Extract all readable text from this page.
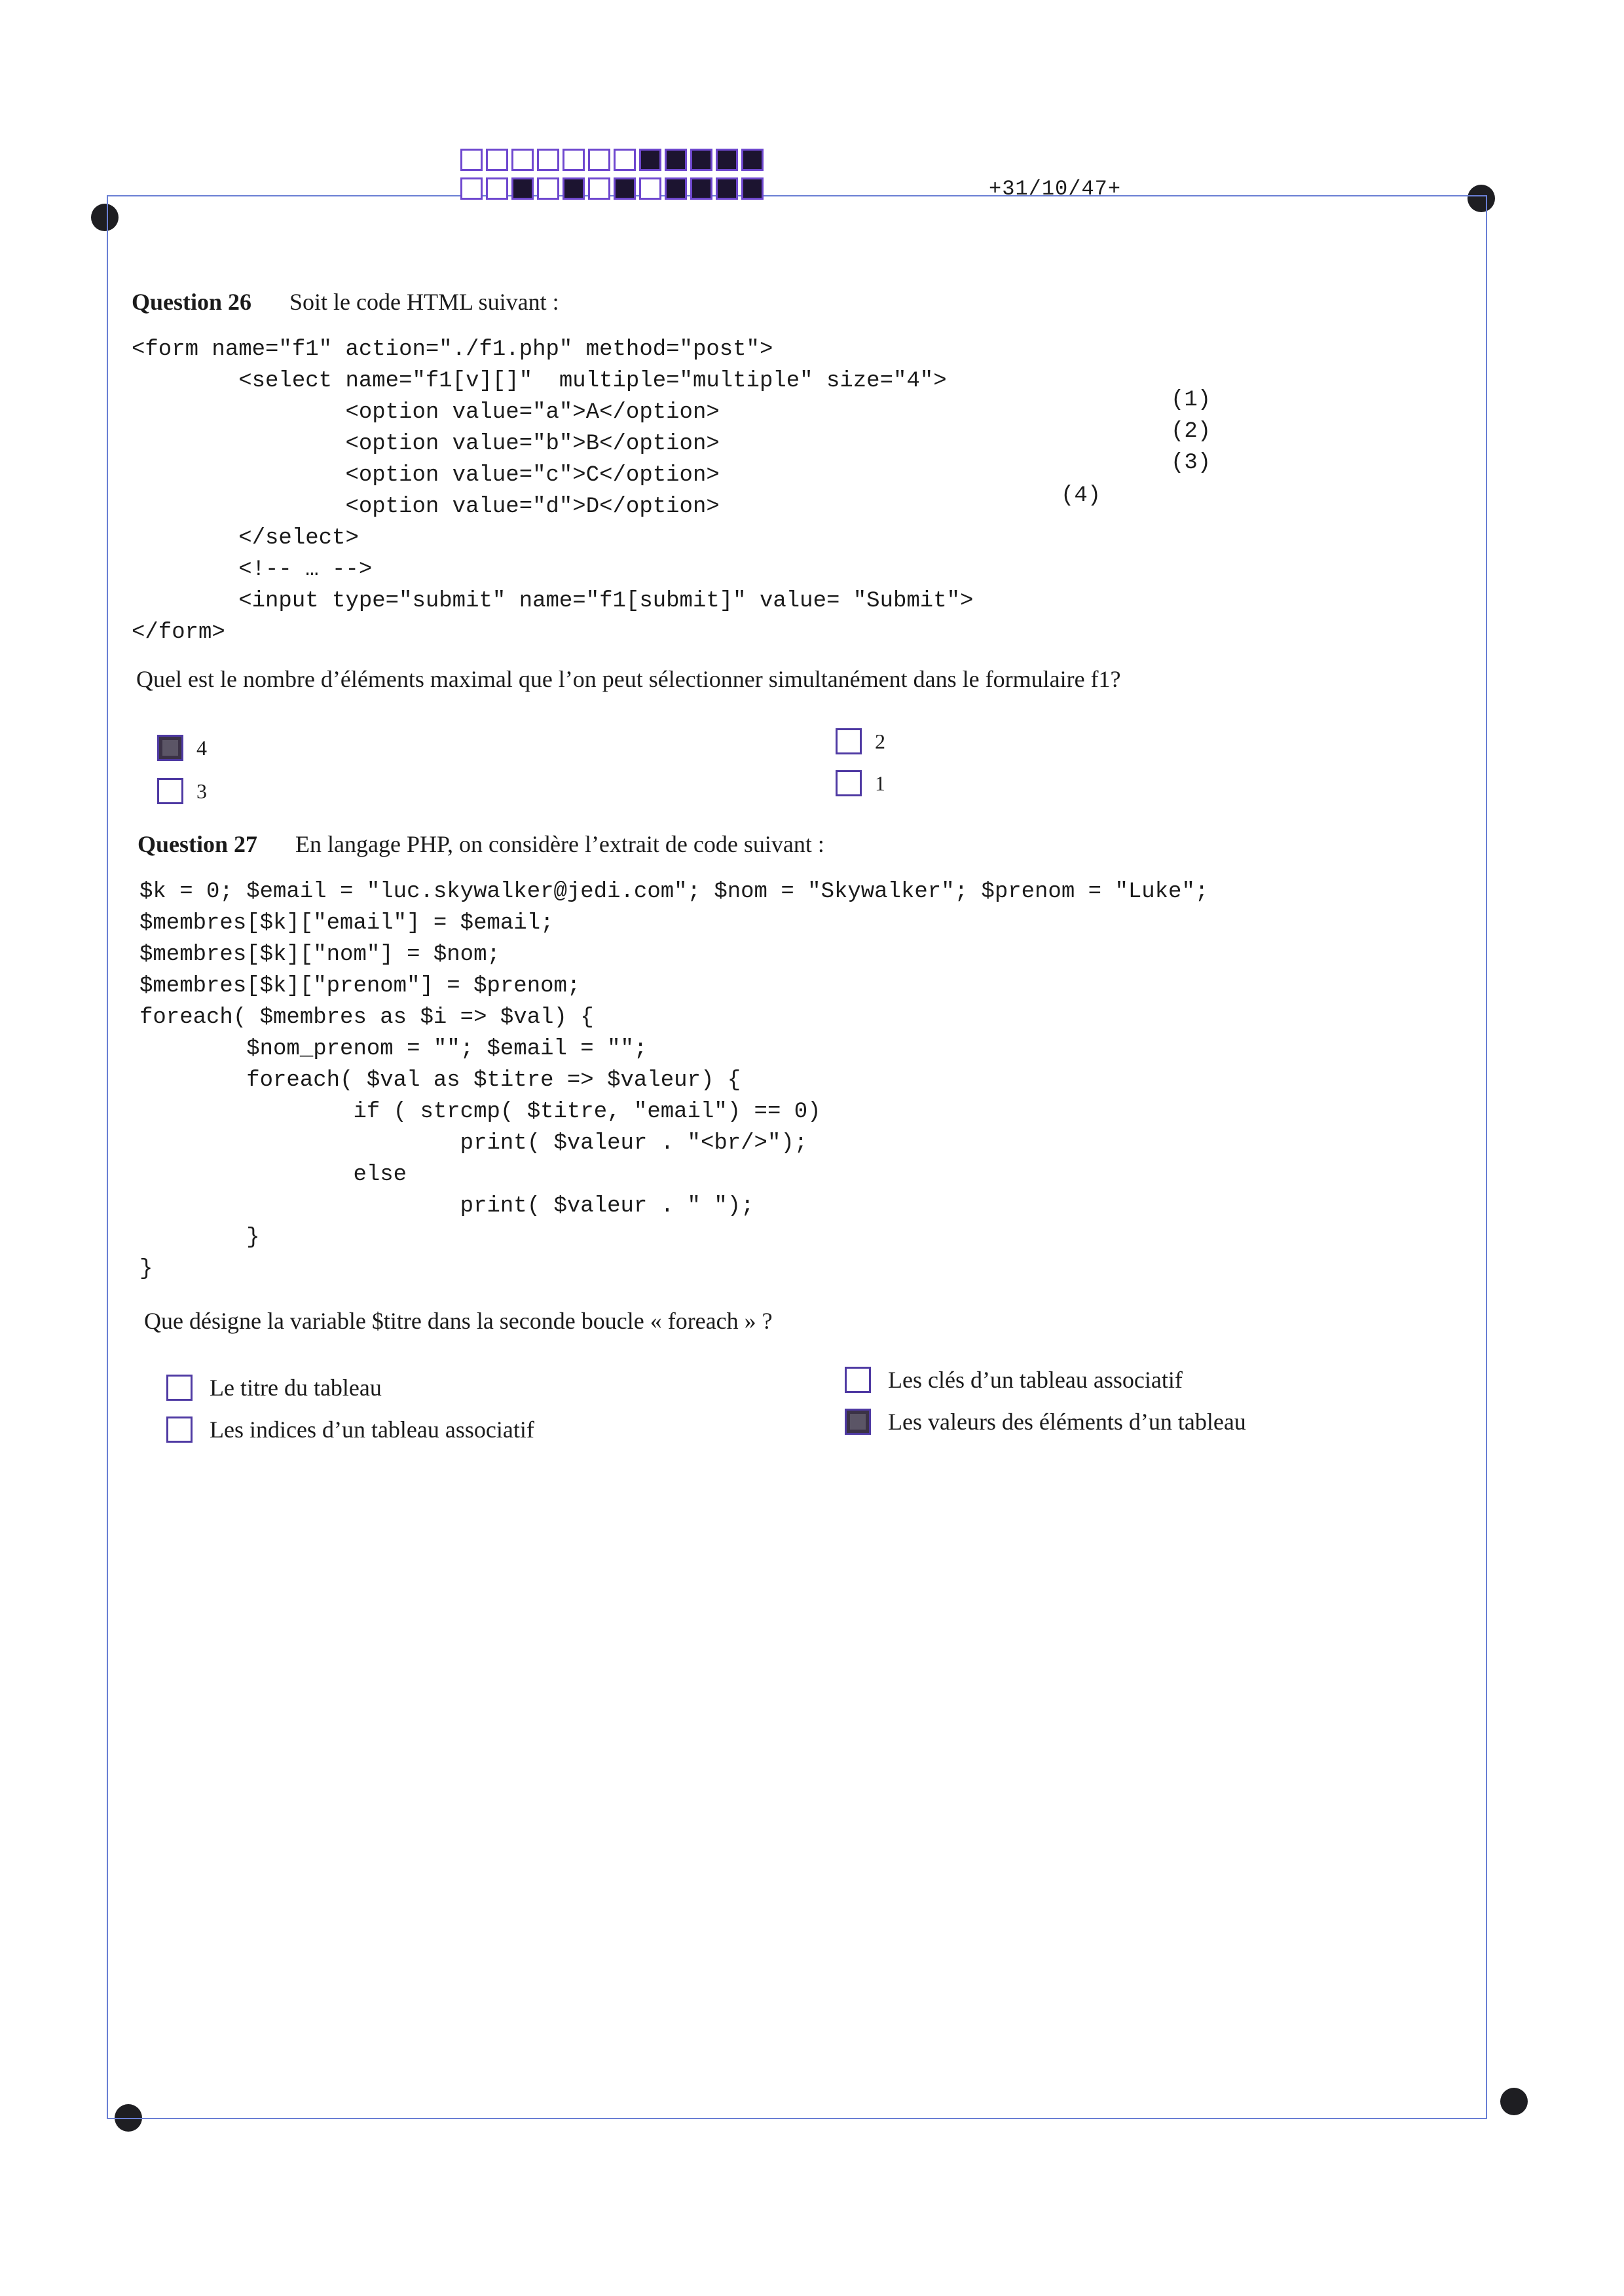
+31/10/47+
Question 26 Soit le code HTML suivant :
<form name="f1" action="./f1.php" method="post">
<select name="f1[v][]"  multiple="multiple" size="4">
<option value="a">A</option>
<option value="b">B</option>
<option value="c">C</option>
<option value="d">D</option>
</select>
<!-- … -->
<input type="submit" name="f1[submit]" value= "Submit">
</form>
(1)
(2)
(3)
(4)
Quel est le nombre d’éléments maximal que l’on peut sélectionner simultanément dans le formulaire f1?
4
3
2
1
Question 27 En langage PHP, on considère l’extrait de code suivant :
$k = 0; $email = "luc.skywalker@jedi.com"; $nom = "Skywalker"; $prenom = "Luke";
$membres[$k]["email"] = $email;
$membres[$k]["nom"] = $nom;
$membres[$k]["prenom"] = $prenom;
foreach( $membres as $i => $val) {
$nom_prenom = ""; $email = "";
foreach( $val as $titre => $valeur) {
if ( strcmp( $titre, "email") == 0)
print( $valeur . "<br/>");
else
print( $valeur . " ");
}
}
Que désigne la variable $titre dans la seconde boucle « foreach » ?
Le titre du tableau
Les indices d’un tableau associatif
Les clés d’un tableau associatif
Les valeurs des éléments d’un tableau
